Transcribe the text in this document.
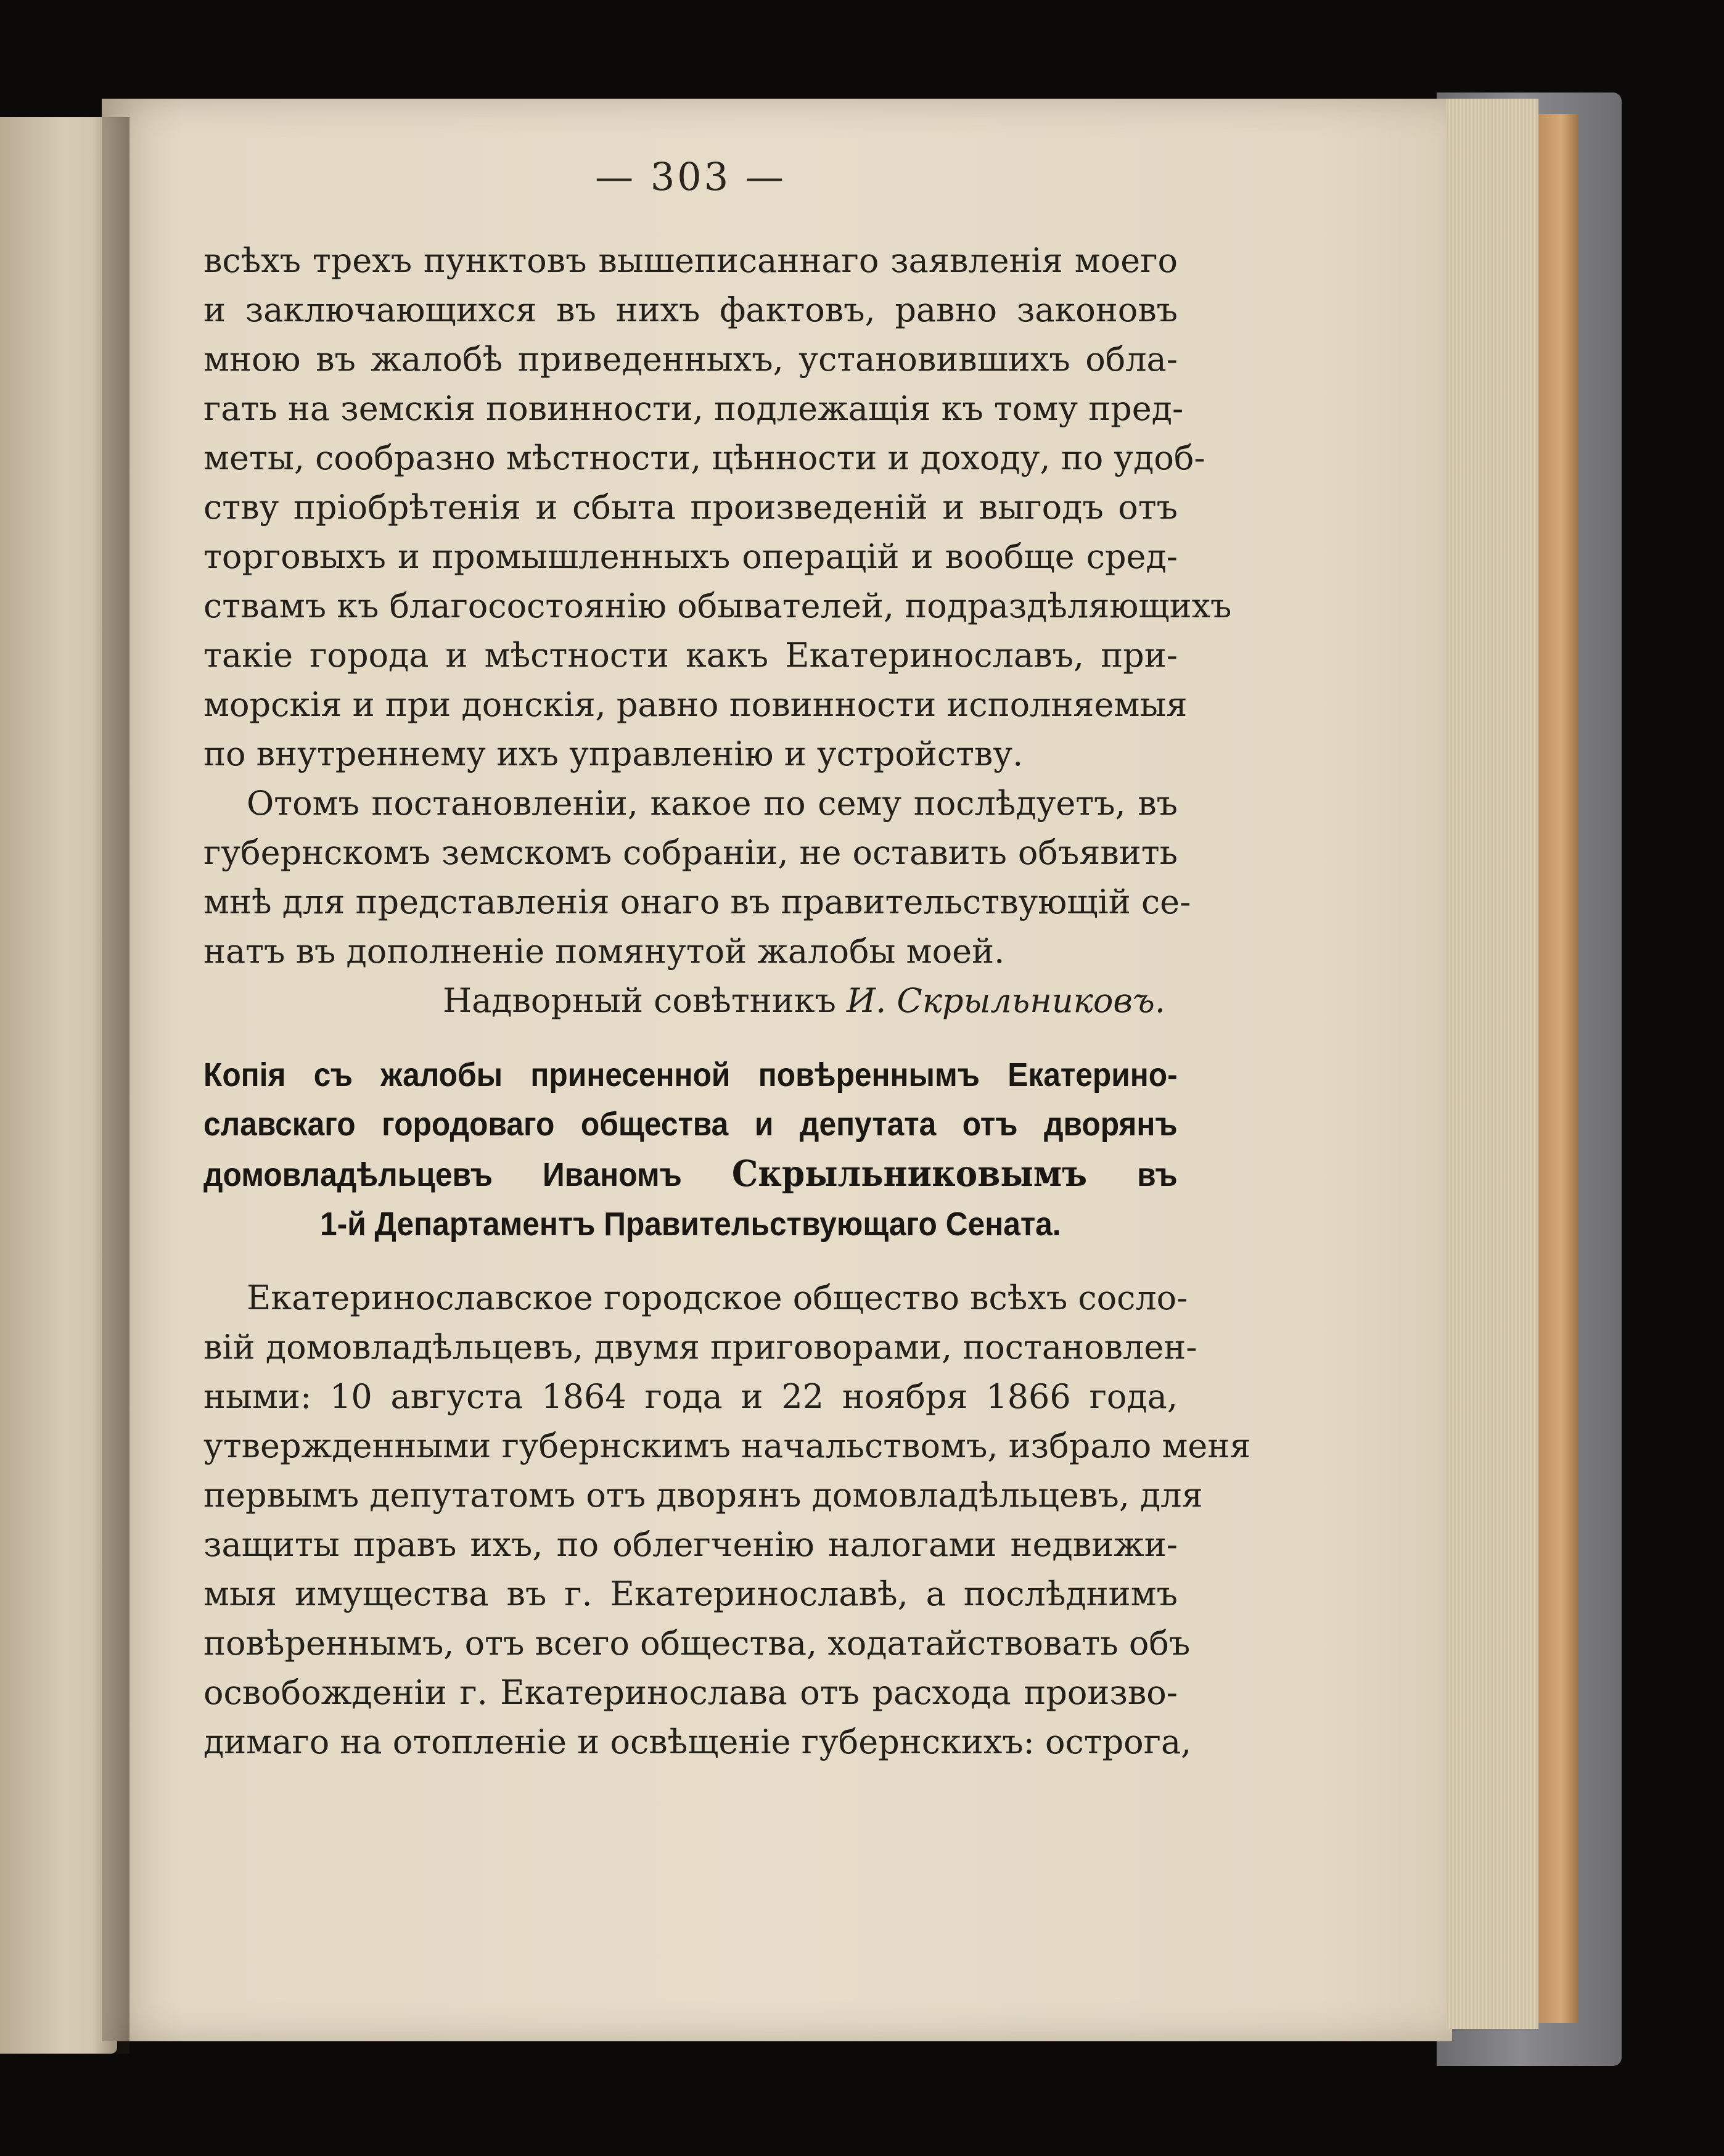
— 303 —

всѣхъ трехъ пунктовъ вышеписаннаго заявленія моего
и заключающихся въ нихъ фактовъ, равно законовъ
мною въ жалобѣ приведенныхъ, установившихъ обла-
гать на земскія повинности, подлежащія къ тому пред-
меты, сообразно мѣстности, цѣнности и доходу, по удоб-
ству пріобрѣтенія и сбыта произведеній и выгодъ отъ
торговыхъ и промышленныхъ операцій и вообще сред-
ствамъ къ благосостоянію обывателей, подраздѣляющихъ
такіе города и мѣстности какъ Екатеринославъ, при-
морскія и при донскія, равно повинности исполняемыя
по внутреннему ихъ управленію и устройству.

Отомъ постановленіи, какое по сему послѣдуетъ, въ
губернскомъ земскомъ собраніи, не оставить объявить
мнѣ для представленія онаго въ правительствующій се-
натъ въ дополненіе помянутой жалобы моей.

Надворный совѣтникъ И. Скрыльниковъ.

Копія съ жалобы принесенной повѣреннымъ Екатерино-
славскаго городоваго общества и депутата отъ дворянъ
домовладѣльцевъ Иваномъ Скрыльниковымъ въ
1-й Департаментъ Правительствующаго Сената.

Екатеринославское городское общество всѣхъ сосло-
вій домовладѣльцевъ, двумя приговорами, постановлен-
ными: 10 августа 1864 года и 22 ноября 1866 года,
утвержденными губернскимъ начальствомъ, избрало меня
первымъ депутатомъ отъ дворянъ домовладѣльцевъ, для
защиты правъ ихъ, по облегченію налогами недвижи-
мыя имущества въ г. Екатеринославѣ, а послѣднимъ
повѣреннымъ, отъ всего общества, ходатайствовать объ
освобожденіи г. Екатеринослава отъ расхода произво-
димаго на отопленіе и освѣщеніе губернскихъ: острога,
